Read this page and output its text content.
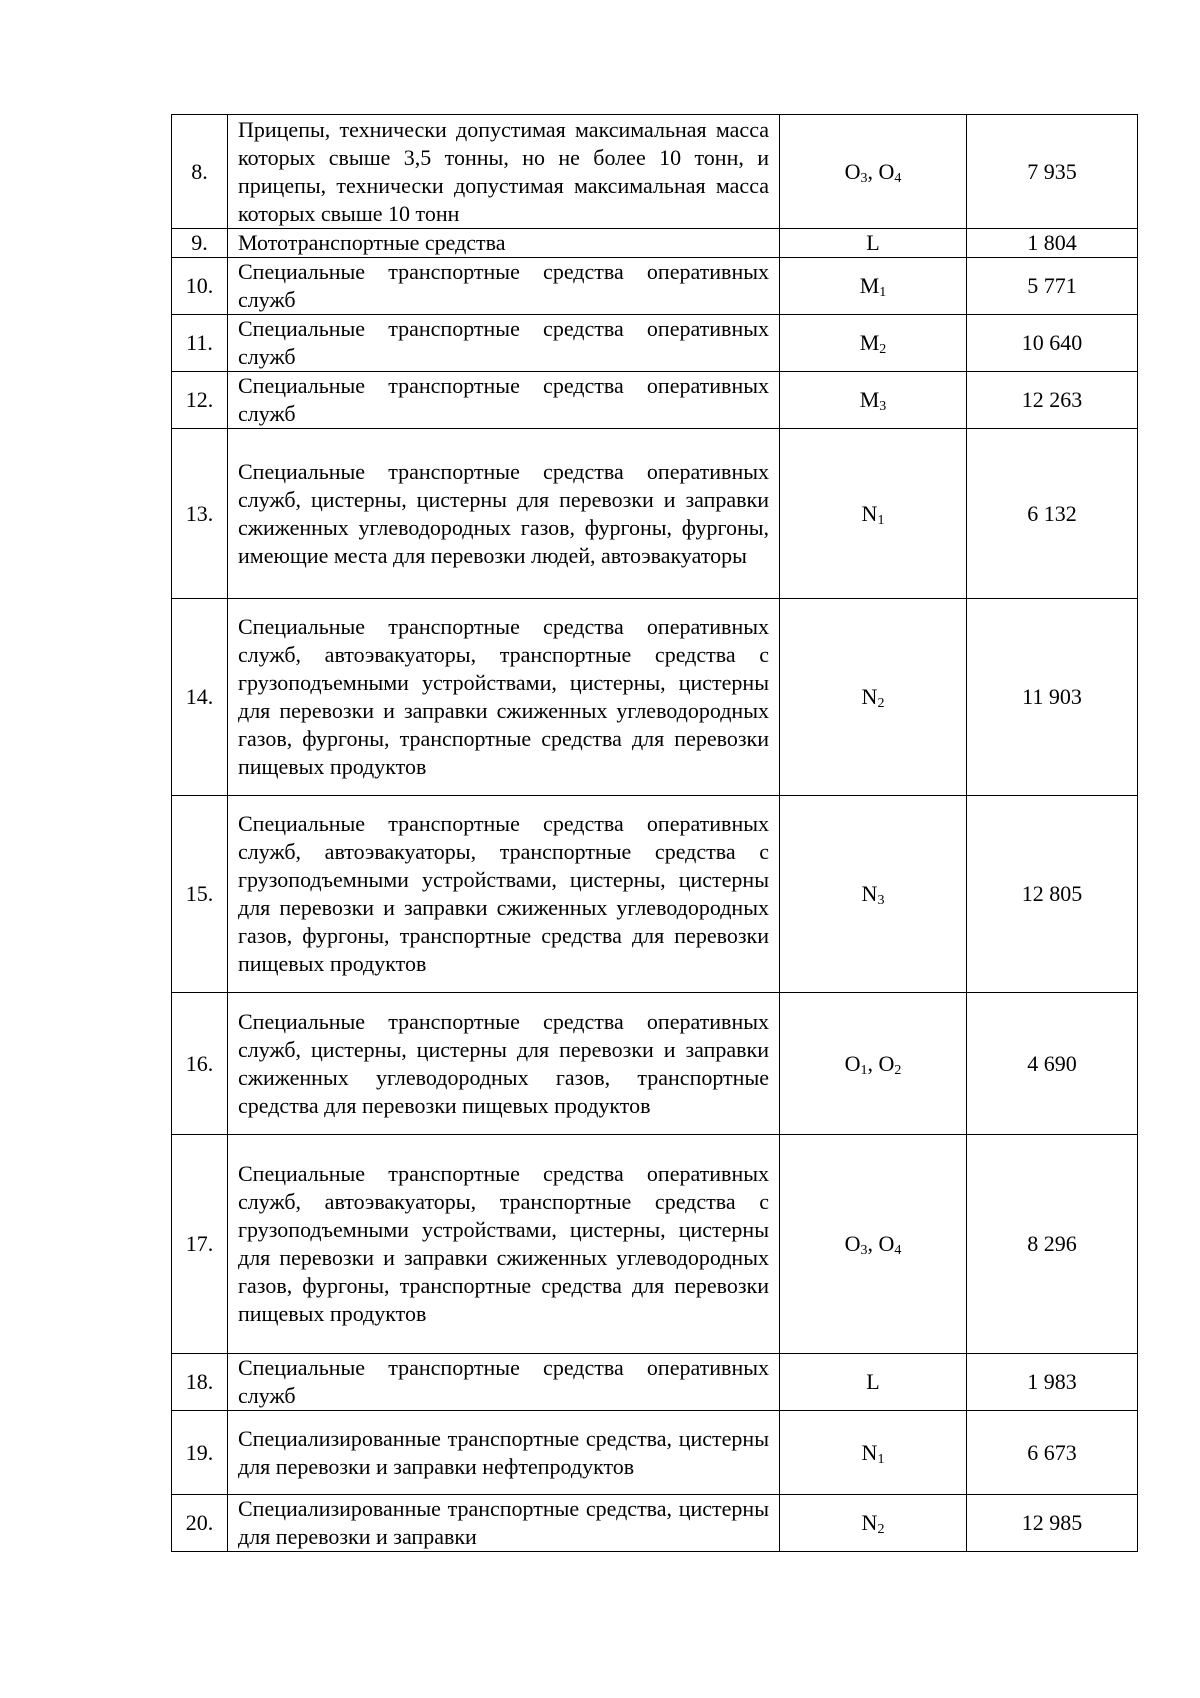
8.	Прицепы, технически допустимая максимальная масса которых свыше 3,5 тонны, но не более 10 тонн, и прицепы, технически допустимая максимальная масса которых свыше 10 тонн	$O_3$, $O_4$	7 935
9.	Мототранспортные средства	L	1 804
10.	Специальные транспортные средства оперативных служб	$M_1$	5 771
11.	Специальные транспортные средства оперативных служб	$M_2$	10 640
12.	Специальные транспортные средства оперативных служб	$M_3$	12 263
13.	Специальные транспортные средства оперативных служб, цистерны, цистерны для перевозки и заправки сжиженных углеводородных газов, фургоны, фургоны, имеющие места для перевозки людей, автоэвакуаторы	$N_1$	6 132
14.	Специальные транспортные средства оперативных служб, автоэвакуаторы, транспортные средства с грузоподъемными устройствами, цистерны, цистерны для перевозки и заправки сжиженных углеводородных газов, фургоны, транспортные средства для перевозки пищевых продуктов	$N_2$	11 903
15.	Специальные транспортные средства оперативных служб, автоэвакуаторы, транспортные средства с грузоподъемными устройствами, цистерны, цистерны для перевозки и заправки сжиженных углеводородных газов, фургоны, транспортные средства для перевозки пищевых продуктов	$N_3$	12 805
16.	Специальные транспортные средства оперативных служб, цистерны, цистерны для перевозки и заправки сжиженных углеводородных газов, транспортные средства для перевозки пищевых продуктов	$O_1$, $O_2$	4 690
17.	Специальные транспортные средства оперативных служб, автоэвакуаторы, транспортные средства с грузоподъемными устройствами, цистерны, цистерны для перевозки и заправки сжиженных углеводородных газов, фургоны, транспортные средства для перевозки пищевых продуктов	$O_3$, $O_4$	8 296
18.	Специальные транспортные средства оперативных служб	L	1 983
19.	Специализированные транспортные средства, цистерны для перевозки и заправки нефтепродуктов	$N_1$	6 673
20.	Специализированные транспортные средства, цистерны для перевозки и заправки	$N_2$	12 985
